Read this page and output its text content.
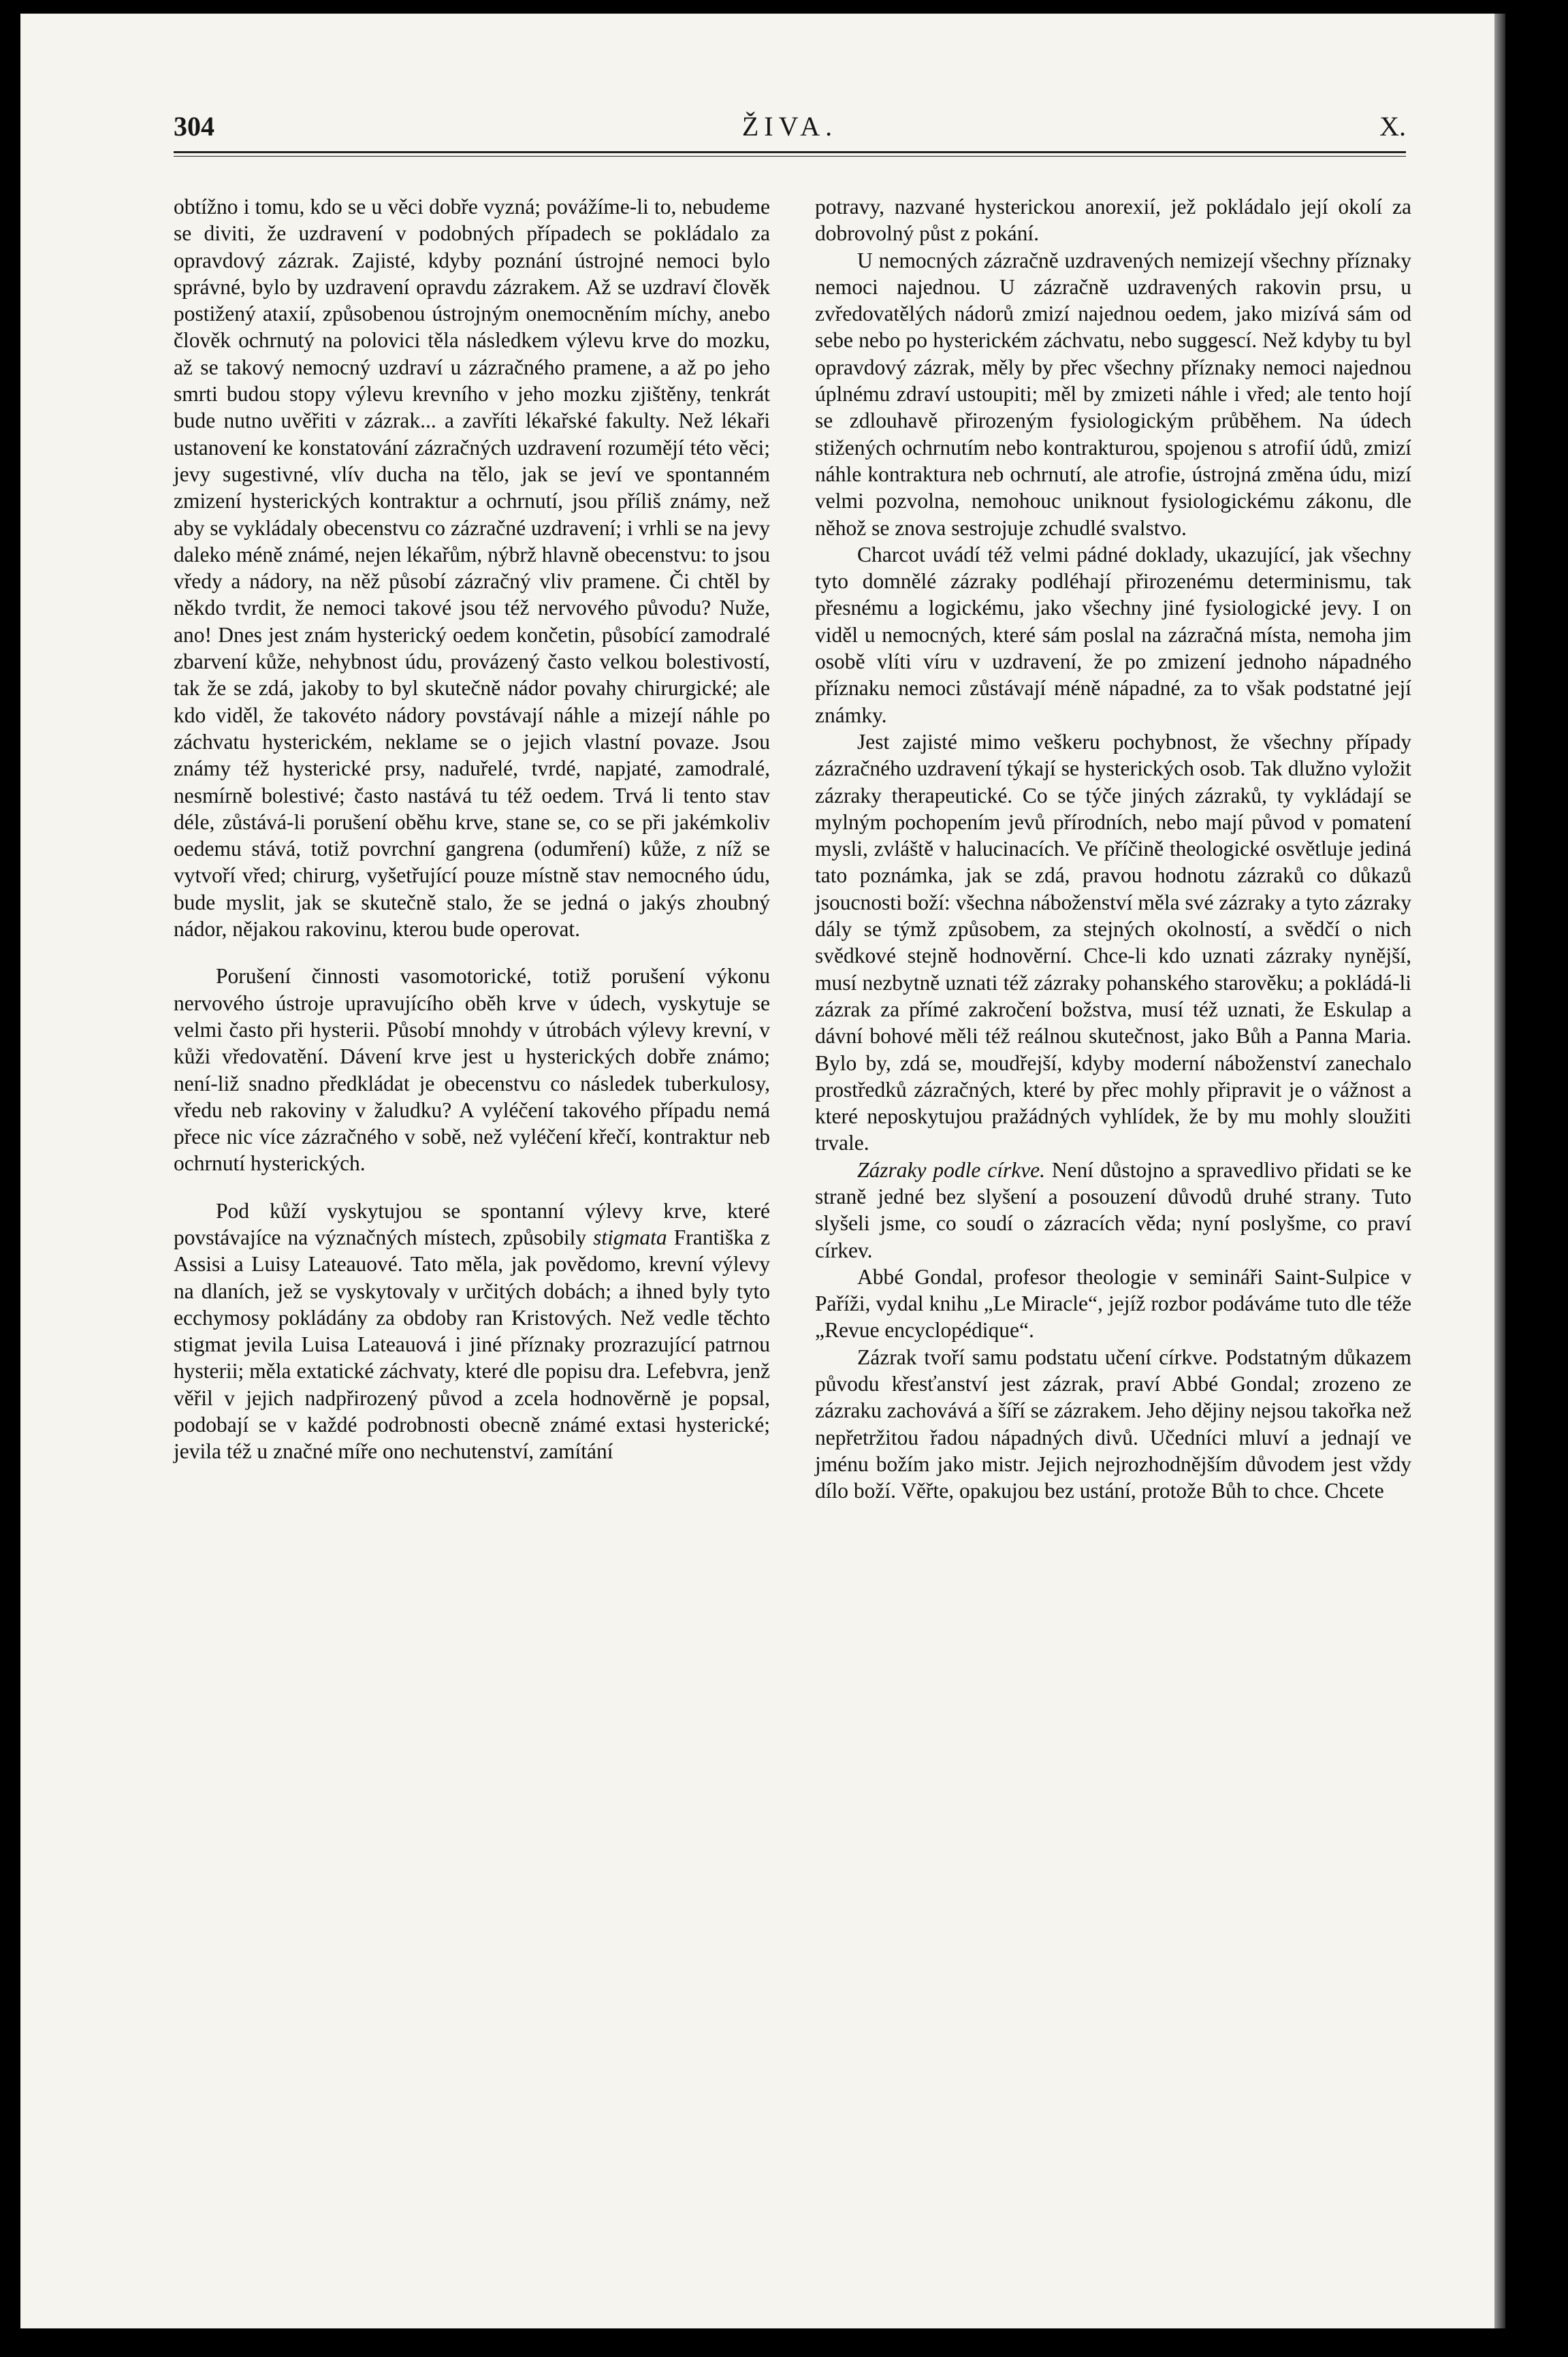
304	ŽIVA.	X.

obtížno i tomu, kdo se u věci dobře vyzná; povážíme-li to, nebudeme se diviti, že uzdravení v podobných případech se pokládalo za opravdový zázrak. Zajisté, kdyby poznání ústrojné nemoci bylo správné, bylo by uzdravení opravdu zázrakem. Až se uzdraví člověk postižený ataxií, způsobenou ústrojným onemocněním míchy, anebo člověk ochrnutý na polovici těla následkem výlevu krve do mozku, až se takový nemocný uzdraví u zázračného pramene, a až po jeho smrti budou stopy výlevu krevního v jeho mozku zjištěny, tenkrát bude nutno uvěřiti v zázrak... a zavříti lékařské fakulty. Než lékaři ustanovení ke konstatování zázračných uzdravení rozumějí této věci; jevy sugestivné, vlív ducha na tělo, jak se jeví ve spontanném zmizení hysterických kontraktur a ochrnutí, jsou příliš známy, než aby se vykládaly obecenstvu co zázračné uzdravení; i vrhli se na jevy daleko méně známé, nejen lékařům, nýbrž hlavně obecenstvu: to jsou vředy a nádory, na něž působí zázračný vliv pramene. Či chtěl by někdo tvrdit, že nemoci takové jsou též nervového původu? Nuže, ano! Dnes jest znám hysterický oedem končetin, působící zamodralé zbarvení kůže, nehybnost údu, provázený často velkou bolestivostí, tak že se zdá, jakoby to byl skutečně nádor povahy chirurgické; ale kdo viděl, že takovéto nádory povstávají náhle a mizejí náhle po záchvatu hysterickém, neklame se o jejich vlastní povaze. Jsou známy též hysterické prsy, naduřelé, tvrdé, napjaté, zamodralé, nesmírně bolestivé; často nastává tu též oedem. Trvá li tento stav déle, zůstává-li porušení oběhu krve, stane se, co se při jakémkoliv oedemu stává, totiž povrchní gangrena (odumření) kůže, z níž se vytvoří vřed; chirurg, vyšetřující pouze místně stav nemocného údu, bude myslit, jak se skutečně stalo, že se jedná o jakýs zhoubný nádor, nějakou rakovinu, kterou bude operovat.

Porušení činnosti vasomotorické, totiž porušení výkonu nervového ústroje upravujícího oběh krve v údech, vyskytuje se velmi často při hysterii. Působí mnohdy v útrobách výlevy krevní, v kůži vředovatění. Dávení krve jest u hysterických dobře známo; není-liž snadno předkládat je obecenstvu co následek tuberkulosy, vředu neb rakoviny v žaludku? A vyléčení takového případu nemá přece nic více zázračného v sobě, než vyléčení křečí, kontraktur neb ochrnutí hysterických.

Pod kůží vyskytujou se spontanní výlevy krve, které povstávajíce na význačných místech, způsobily stigmata Františka z Assisi a Luisy Lateauové. Tato měla, jak povědomo, krevní výlevy na dlaních, jež se vyskytovaly v určitých dobách; a ihned byly tyto ecchymosy pokládány za obdoby ran Kristových. Než vedle těchto stigmat jevila Luisa Lateauová i jiné příznaky prozrazující patrnou hysterii; měla extatické záchvaty, které dle popisu dra. Lefebvra, jenž věřil v jejich nadpřirozený původ a zcela hodnověrně je popsal, podobají se v každé podrobnosti obecně známé extasi hysterické; jevila též u značné míře ono nechutenství, zamítání

potravy, nazvané hysterickou anorexií, jež pokládalo její okolí za dobrovolný půst z pokání.

U nemocných zázračně uzdravených nemizejí všechny příznaky nemoci najednou. U zázračně uzdravených rakovin prsu, u zvředovatělých nádorů zmizí najednou oedem, jako mizívá sám od sebe nebo po hysterickém záchvatu, nebo suggescí. Než kdyby tu byl opravdový zázrak, měly by přec všechny příznaky nemoci najednou úplnému zdraví ustoupiti; měl by zmizeti náhle i vřed; ale tento hojí se zdlouhavě přirozeným fysiologickým průběhem. Na údech stižených ochrnutím nebo kontrakturou, spojenou s atrofií údů, zmizí náhle kontraktura neb ochrnutí, ale atrofie, ústrojná změna údu, mizí velmi pozvolna, nemohouc uniknout fysiologickému zákonu, dle něhož se znova sestrojuje zchudlé svalstvo.

Charcot uvádí též velmi pádné doklady, ukazující, jak všechny tyto domnělé zázraky podléhají přirozenému determinismu, tak přesnému a logickému, jako všechny jiné fysiologické jevy. I on viděl u nemocných, které sám poslal na zázračná místa, nemoha jim osobě vlíti víru v uzdravení, že po zmizení jednoho nápadného příznaku nemoci zůstávají méně nápadné, za to však podstatné její známky.

Jest zajisté mimo veškeru pochybnost, že všechny případy zázračného uzdravení týkají se hysterických osob. Tak dlužno vyložit zázraky therapeutické. Co se týče jiných zázraků, ty vykládají se mylným pochopením jevů přírodních, nebo mají původ v pomatení mysli, zvláště v halucinacích. Ve příčině theologické osvětluje jediná tato poznámka, jak se zdá, pravou hodnotu zázraků co důkazů jsoucnosti boží: všechna náboženství měla své zázraky a tyto zázraky dály se týmž způsobem, za stejných okolností, a svědčí o nich svědkové stejně hodnověrní. Chce-li kdo uznati zázraky nynější, musí nezbytně uznati též zázraky pohanského starověku; a pokládá-li zázrak za přímé zakročení božstva, musí též uznati, že Eskulap a dávní bohové měli též reálnou skutečnost, jako Bůh a Panna Maria. Bylo by, zdá se, moudřejší, kdyby moderní náboženství zanechalo prostředků zázračných, které by přec mohly připravit je o vážnost a které neposkytujou pražádných vyhlídek, že by mu mohly sloužiti trvale.

Zázraky podle církve. Není důstojno a spravedlivo přidati se ke straně jedné bez slyšení a posouzení důvodů druhé strany. Tuto slyšeli jsme, co soudí o zázracích věda; nyní poslyšme, co praví církev.

Abbé Gondal, profesor theologie v semináři Saint-Sulpice v Paříži, vydal knihu „Le Miracle“, jejíž rozbor podáváme tuto dle téže „Revue encyclopédique“.

Zázrak tvoří samu podstatu učení církve. Podstatným důkazem původu křesťanství jest zázrak, praví Abbé Gondal; zrozeno ze zázraku zachovává a šíří se zázrakem. Jeho dějiny nejsou takořka než nepřetržitou řadou nápadných divů. Učedníci mluví a jednají ve jménu božím jako mistr. Jejich nejrozhodnějším důvodem jest vždy dílo boží. Věřte, opakujou bez ustání, protože Bůh to chce. Chcete
